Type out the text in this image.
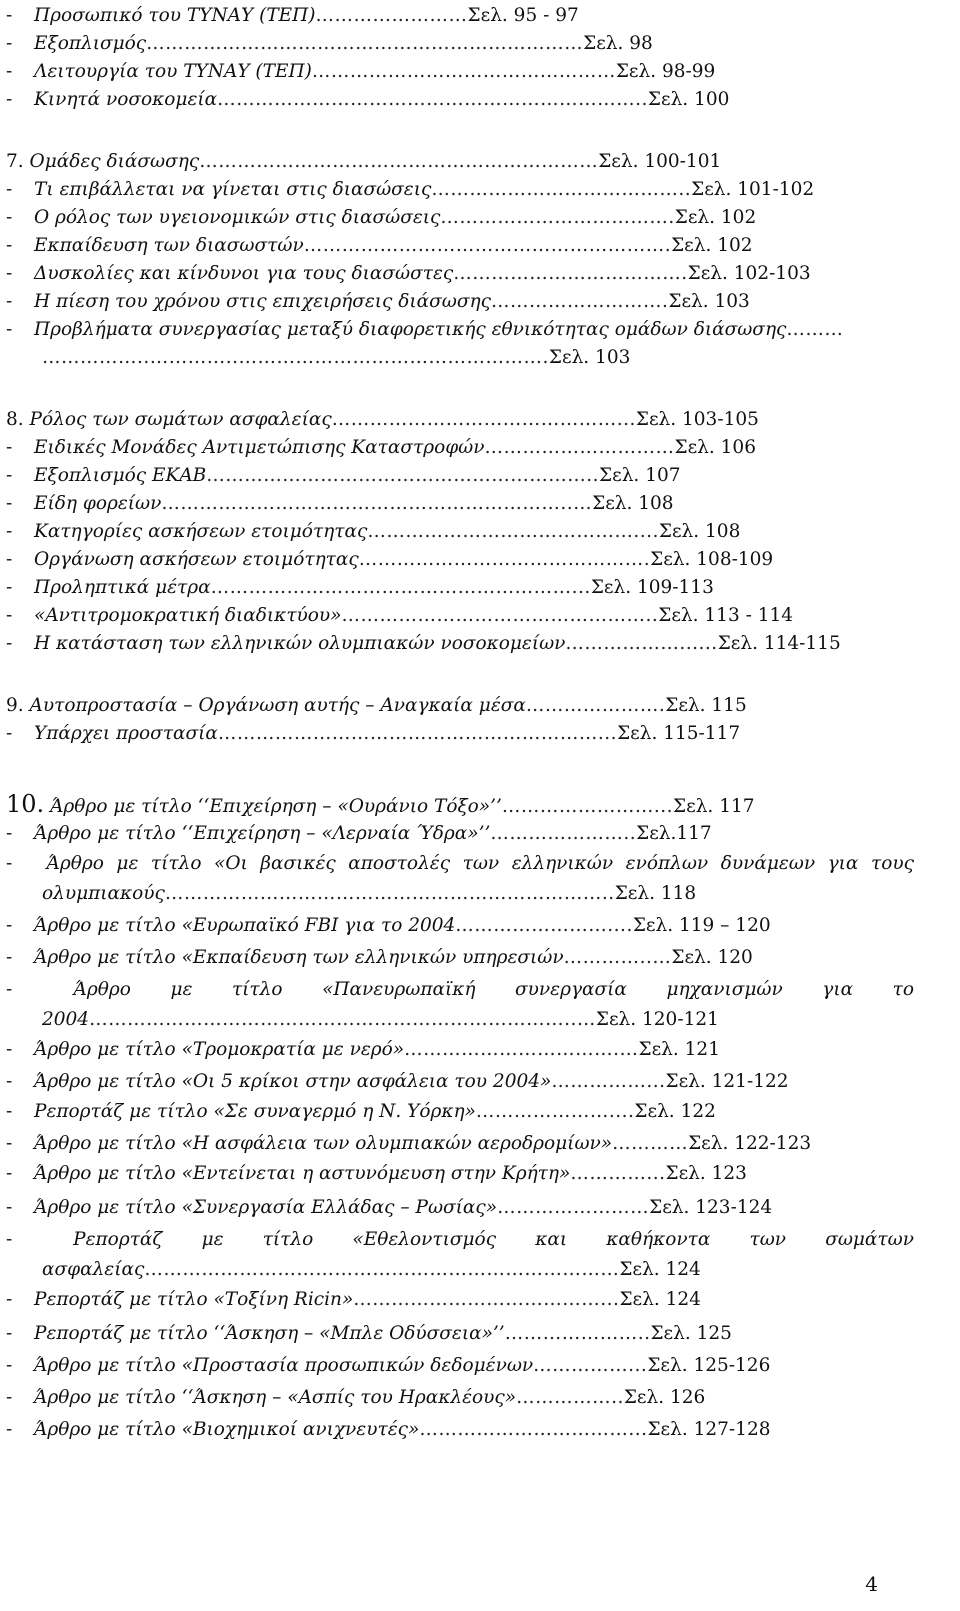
- Προσωπικό του ΤΥΝΑΥ (ΤΕΠ)……………………Σελ. 95 - 97
- Εξοπλισμός……………………………………………………………Σελ. 98
- Λειτουργία του ΤΥΝΑΥ (ΤΕΠ)…………………………………………Σελ. 98-99
- Κινητά νοσοκομεία…………………………………………………………..Σελ. 100
7. Ομάδες διάσωσης………………………………………………………Σελ. 100-101
- Τι επιβάλλεται να γίνεται στις διασώσεις…………………………………..Σελ. 101-102
- Ο ρόλος των υγειονομικών στις διασώσεις……………………………….Σελ. 102
- Εκπαίδευση των διασωστών………………………………………………….Σελ. 102
- Δυσκολίες και κίνδυνοι για τους διασώστες……………………………….Σελ. 102-103
- Η πίεση του χρόνου στις επιχειρήσεις διάσωσης……………………….Σελ. 103
- Προβλήματα συνεργασίας μεταξύ διαφορετικής εθνικότητας ομάδων διάσωσης………
……………..…………..………………………………………….Σελ. 103
8. Ρόλος των σωμάτων ασφαλείας………………………………………...Σελ. 103-105
- Ειδικές Μονάδες Αντιμετώπισης Καταστροφών…………………………Σελ. 106
- Εξοπλισμός ΕΚΑΒ……………………………………………………..Σελ. 107
- Είδη φορείων………………………………………………………..…Σελ. 108
- Κατηγορίες ασκήσεων ετοιμότητας……………………………………....Σελ. 108
- Οργάνωση ασκήσεων ετοιμότητας……………………………………….Σελ. 108-109
- Προληπτικά μέτρα…………………………………………………...Σελ. 109-113
- «Αντιτρομοκρατική διαδικτύου»…………………………………………..Σελ. 113 - 114
- Η κατάσταση των ελληνικών ολυμπιακών νοσοκομείων………………......Σελ. 114-115
9. Αυτοπροστασία – Οργάνωση αυτής – Αναγκαία μέσα………………….Σελ. 115
- Υπάρχει προστασία……………………………………………………...Σελ. 115-117
10. Άρθρο με τίτλο ‘‘Επιχείρηση – «Ουράνιο Τόξο»’’……………………...Σελ. 117
- Άρθρο με τίτλο ‘‘Επιχείρηση – «Λερναία Ύδρα»’’…………………..Σελ.117
-	Άρθρο με τίτλο «Οι βασικές αποστολές των ελληνικών ενόπλων δυνάμεων για τους
ολυμπιακούς……………………………………………………………..Σελ. 118
- Άρθρο με τίτλο «Ευρωπαϊκό FBI για το 2004……………………....Σελ. 119 – 120
- Άρθρο με τίτλο «Εκπαίδευση των ελληνικών υπηρεσιών…………..…Σελ. 120
-	Άρθρο με τίτλο «Πανευρωπαϊκή συνεργασία μηχανισμών για το
2004…………………………………………………………………..…Σελ. 120-121
- Άρθρο με τίτλο «Τρομοκρατία με νερό»…………………………….…Σελ. 121
- Άρθρο με τίτλο «Οι 5 κρίκοι στην ασφάλεια του 2004»……………...Σελ. 121-122
- Ρεπορτάζ με τίτλο «Σε συναγερμό η Ν. Υόρκη»…………………....Σελ. 122
- Άρθρο με τίτλο «Η ασφάλεια των ολυμπιακών αεροδρομίων»…………Σελ. 122-123
- Άρθρο με τίτλο «Εντείνεται η αστυνόμευση στην Κρήτη»…………...Σελ. 123
- Άρθρο με τίτλο «Συνεργασία Ελλάδας – Ρωσίας»……………………Σελ. 123-124
-	Ρεπορτάζ με τίτλο «Εθελοντισμός και καθήκοντα των σωμάτων
ασφαλείας…………………………………………………………………Σελ. 124
- Ρεπορτάζ με τίτλο «Τοξίνη Ricin»…………………………………...Σελ. 124
- Ρεπορτάζ με τίτλο ‘‘Άσκηση – «Μπλε Οδύσσεια»’’…………………..Σελ. 125
- Άρθρο με τίτλο «Προστασία προσωπικών δεδομένων……………...Σελ. 125-126
- Άρθρο με τίτλο ‘‘Άσκηση – «Ασπίς του Ηρακλέους»……………..Σελ. 126
- Άρθρο με τίτλο «Βιοχημικοί ανιχνευτές»……………………………...Σελ. 127-128
4
